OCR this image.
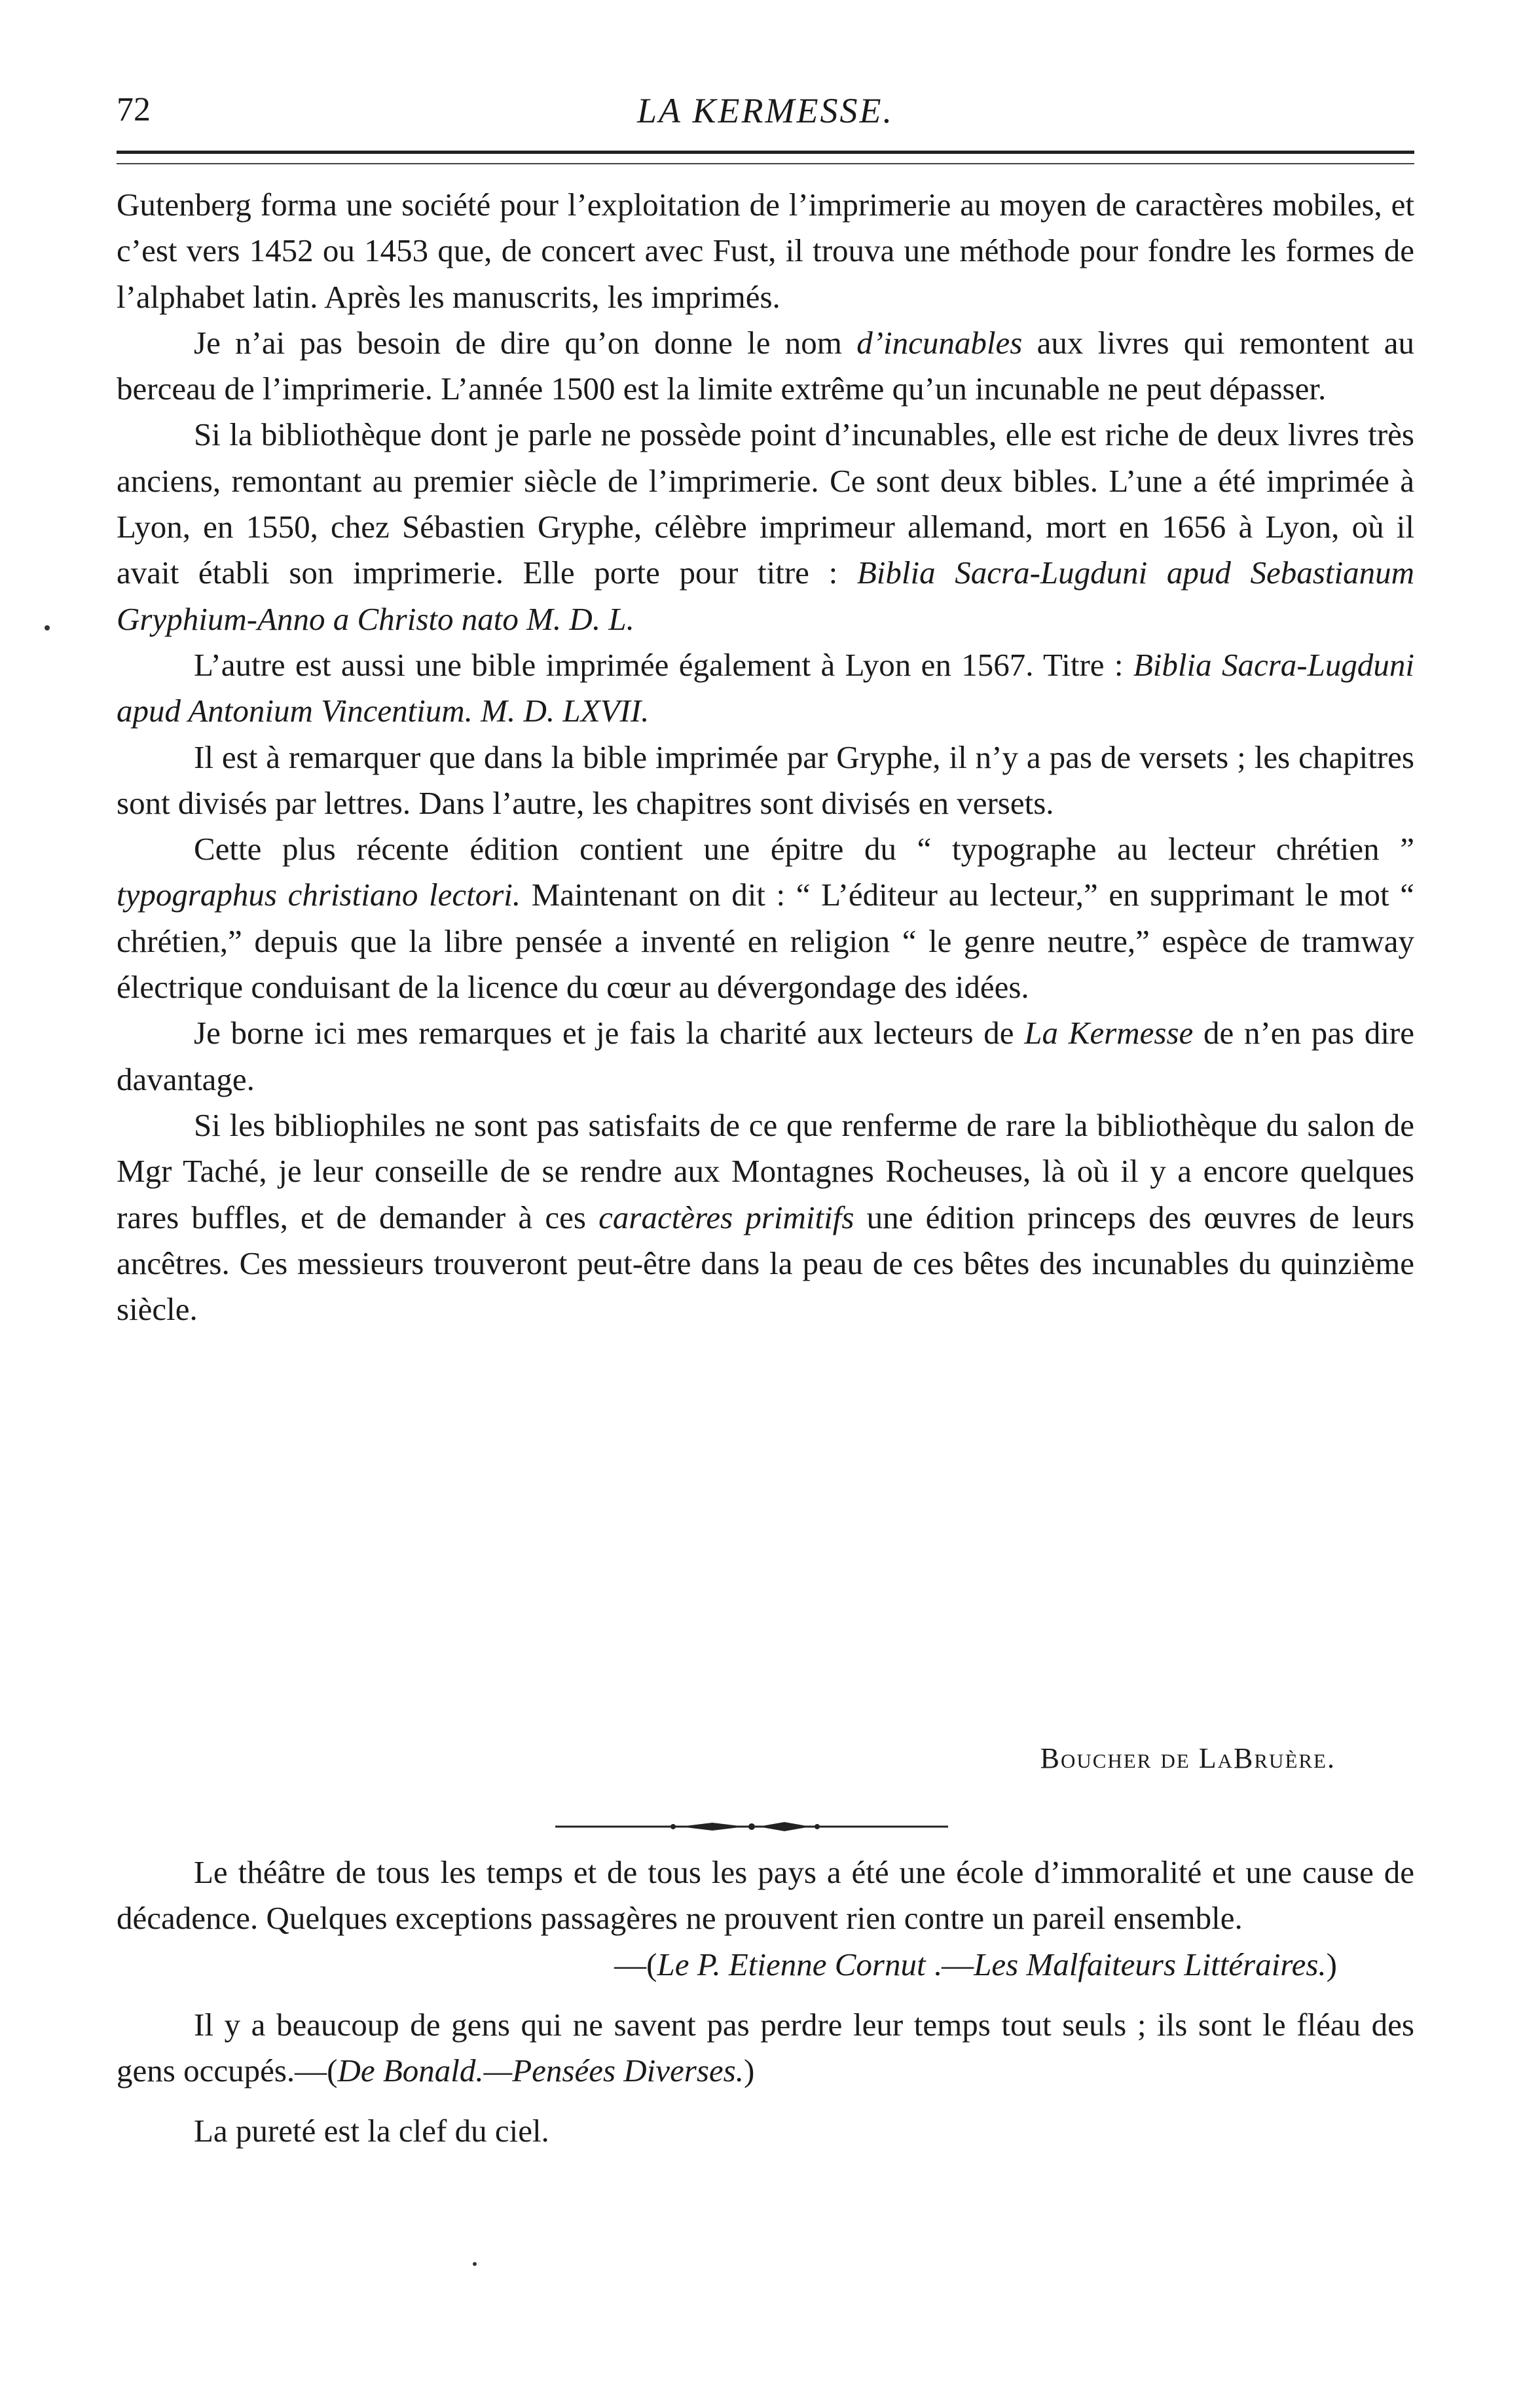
72	LA KERMESSE.

Gutenberg forma une société pour l’exploitation de l’imprimerie au moyen de caractères mobiles, et c’est vers 1452 ou 1453 que, de concert avec Fust, il trouva une méthode pour fondre les formes de l’alphabet latin. Après les manuscrits, les imprimés.

Je n’ai pas besoin de dire qu’on donne le nom d’incunables aux livres qui remontent au berceau de l’imprimerie. L’année 1500 est la limite extrême qu’un incunable ne peut dépasser.

Si la bibliothèque dont je parle ne possède point d’incunables, elle est riche de deux livres très anciens, remontant au premier siècle de l’imprimerie. Ce sont deux bibles. L’une a été imprimée à Lyon, en 1550, chez Sébastien Gryphe, célèbre imprimeur allemand, mort en 1656 à Lyon, où il avait établi son imprimerie. Elle porte pour titre : Biblia Sacra-Lugduni apud Sebastianum Gryphium-Anno a Christo nato M. D. L.

L’autre est aussi une bible imprimée également à Lyon en 1567. Titre : Biblia Sacra-Lugduni apud Antonium Vincentium. M. D. LXVII.

Il est à remarquer que dans la bible imprimée par Gryphe, il n’y a pas de versets ; les chapitres sont divisés par lettres. Dans l’autre, les chapitres sont divisés en versets.

Cette plus récente édition contient une épitre du “ typographe au lecteur chrétien ” typographus christiano lectori. Maintenant on dit : “ L’éditeur au lecteur,” en supprimant le mot “ chrétien,” depuis que la libre pensée a inventé en religion “ le genre neutre,” espèce de tramway électrique conduisant de la licence du cœur au dévergondage des idées.

Je borne ici mes remarques et je fais la charité aux lecteurs de La Kermesse de n’en pas dire davantage.

Si les bibliophiles ne sont pas satisfaits de ce que renferme de rare la bibliothèque du salon de Mgr Taché, je leur conseille de se rendre aux Montagnes Rocheuses, là où il y a encore quelques rares buffles, et de demander à ces caractères primitifs une édition princeps des œuvres de leurs ancêtres. Ces messieurs trouveront peut-être dans la peau de ces bêtes des incunables du quinzième siècle.

Boucher de LaBruère.

Le théâtre de tous les temps et de tous les pays a été une école d’immoralité et une cause de décadence. Quelques exceptions passagères ne prouvent rien contre un pareil ensemble.

—(Le P. Etienne Cornut .—Les Malfaiteurs Littéraires.)

Il y a beaucoup de gens qui ne savent pas perdre leur temps tout seuls ; ils sont le fléau des gens occupés.—(De Bonald.—Pensées Diverses.)

La pureté est la clef du ciel.
